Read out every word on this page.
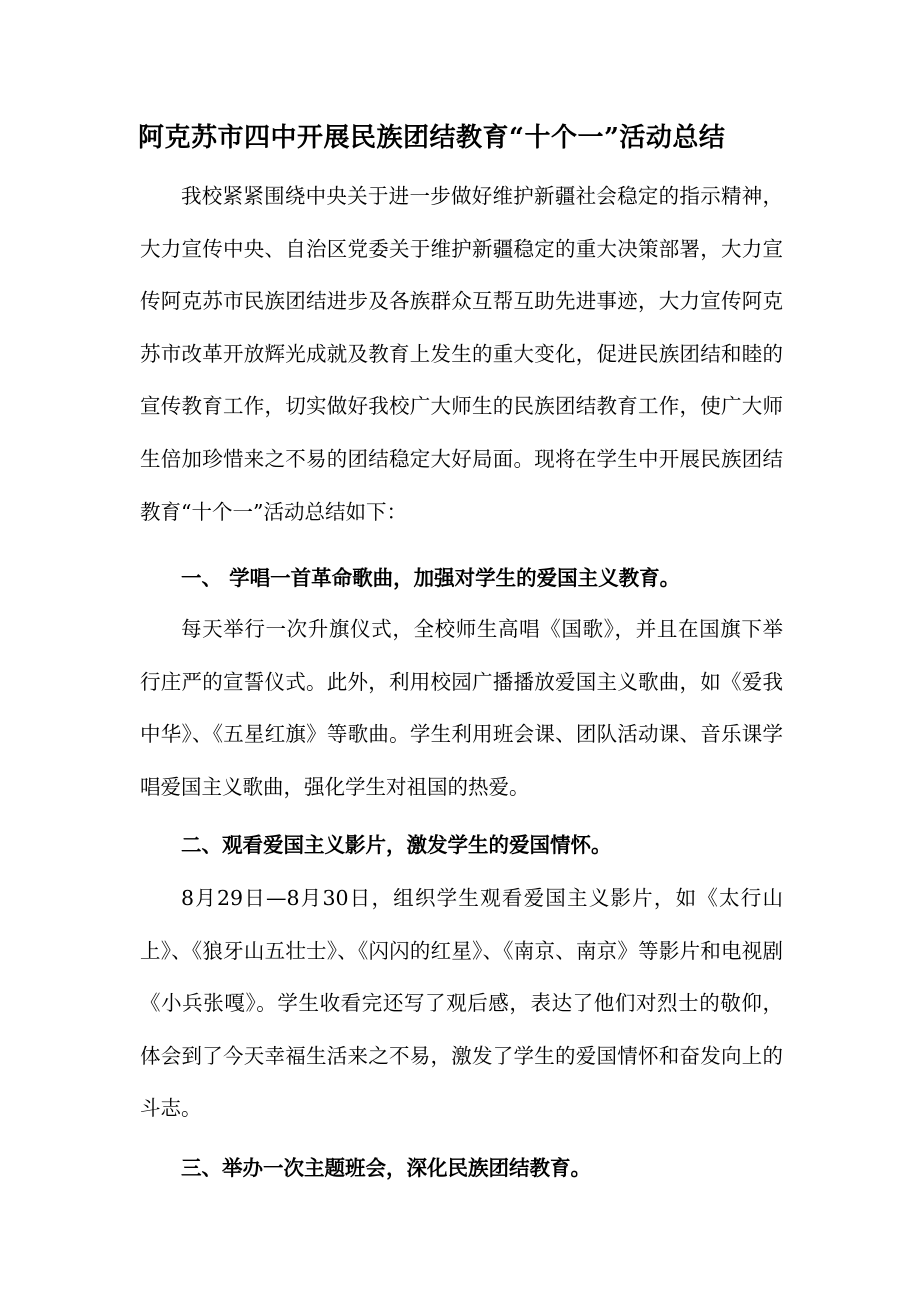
阿克苏市四中开展民族团结教育“十个一”活动总结

我校紧紧围绕中央关于进一步做好维护新疆社会稳定的指示精神，大力宣传中央、自治区党委关于维护新疆稳定的重大决策部署，大力宣传阿克苏市民族团结进步及各族群众互帮互助先进事迹，大力宣传阿克苏市改革开放辉光成就及教育上发生的重大变化，促进民族团结和睦的宣传教育工作，切实做好我校广大师生的民族团结教育工作，使广大师生倍加珍惜来之不易的团结稳定大好局面。现将在学生中开展民族团结教育“十个一”活动总结如下：

一、 学唱一首革命歌曲，加强对学生的爱国主义教育。

每天举行一次升旗仪式，全校师生高唱《国歌》，并且在国旗下举行庄严的宣誓仪式。此外，利用校园广播播放爱国主义歌曲，如《爱我中华》、《五星红旗》等歌曲。学生利用班会课、团队活动课、音乐课学唱爱国主义歌曲，强化学生对祖国的热爱。

二、观看爱国主义影片，激发学生的爱国情怀。

8月29日—8月30日，组织学生观看爱国主义影片，如《太行山上》、《狼牙山五壮士》、《闪闪的红星》、《南京、南京》等影片和电视剧《小兵张嘎》。学生收看完还写了观后感，表达了他们对烈士的敬仰，体会到了今天幸福生活来之不易，激发了学生的爱国情怀和奋发向上的斗志。

三、举办一次主题班会，深化民族团结教育。
